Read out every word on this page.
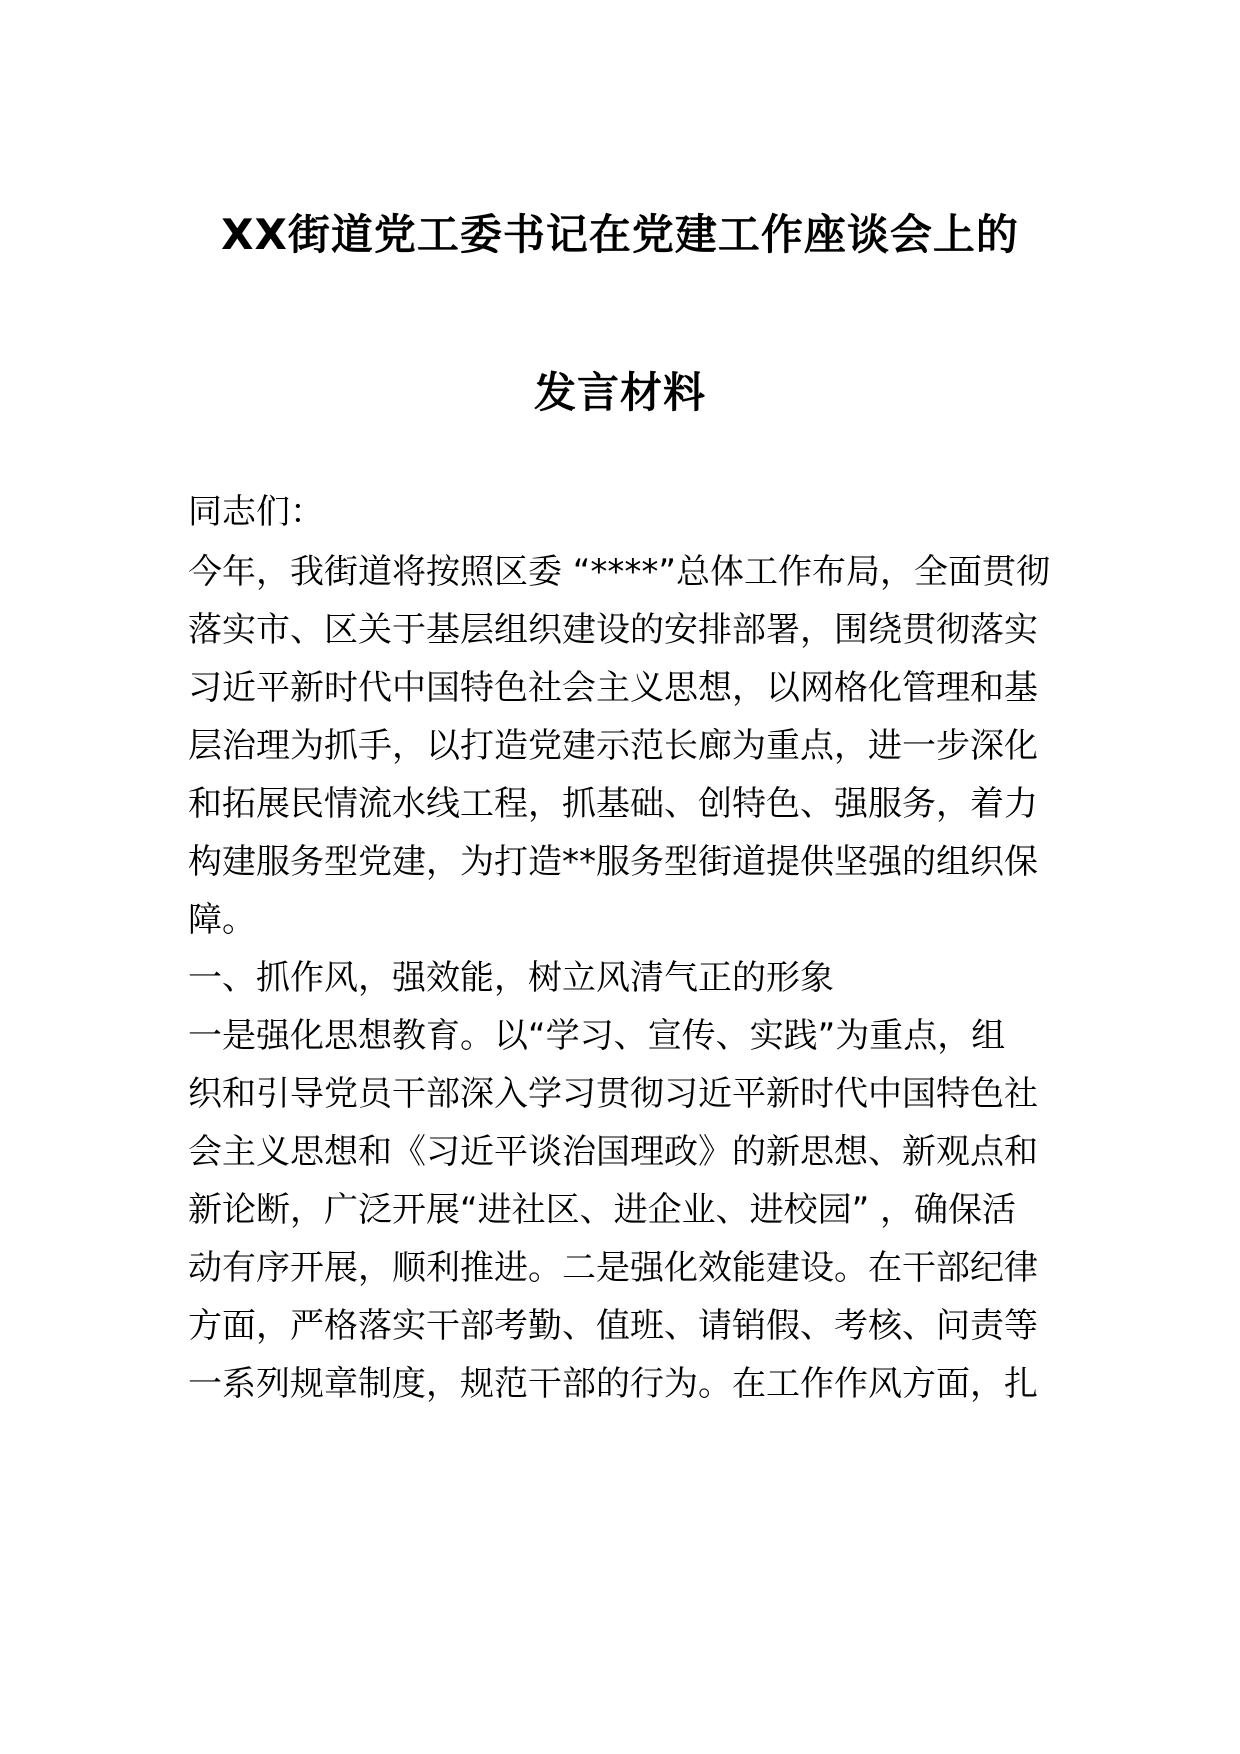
XX街道党工委书记在党建工作座谈会上的
发言材料
同志们：
今年，我街道将按照区委 “****”总体工作布局，全面贯彻
落实市、区关于基层组织建设的安排部署，围绕贯彻落实
习近平新时代中国特色社会主义思想，以网格化管理和基
层治理为抓手，以打造党建示范长廊为重点，进一步深化
和拓展民情流水线工程，抓基础、创特色、强服务，着力
构建服务型党建，为打造**服务型街道提供坚强的组织保
障。
一、抓作风，强效能，树立风清气正的形象
一是强化思想教育。以“学习、宣传、实践”为重点，组
织和引导党员干部深入学习贯彻习近平新时代中国特色社
会主义思想和《习近平谈治国理政》的新思想、新观点和
新论断，广泛开展“进社区、进企业、进校园” ，确保活
动有序开展，顺利推进。二是强化效能建设。在干部纪律
方面，严格落实干部考勤、值班、请销假、考核、问责等
一系列规章制度，规范干部的行为。在工作作风方面，扎
